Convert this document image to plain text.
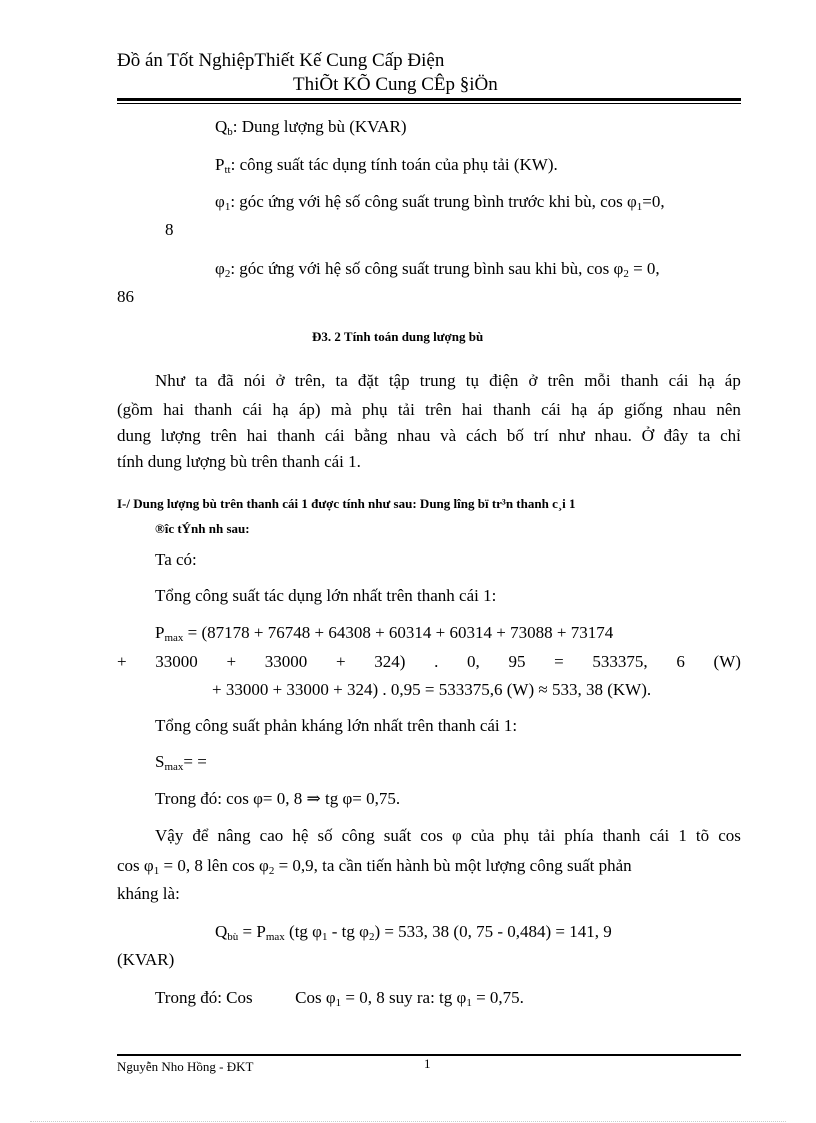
Đồ án Tốt NghiệpThiết Kế Cung Cấp Điện
ThiÕt KÕ Cung CÊp §iÖn
$Q_b$: Dung lượng bù (KVAR)
$P_{tt}$: công suất tác dụng tính toán của phụ tải (KW).
$\varphi_1$: góc ứng với hệ số công suất trung bình trước khi bù, $\cos \varphi_1=0$,
8
$\varphi_2$: góc ứng với hệ số công suất trung bình sau khi bù, $\cos \varphi_2 = 0$,
86
Đ3. 2 Tính toán dung lượng bù
Như ta đã nói ở trên, ta đặt tập trung tụ điện ở trên mỗi thanh cái hạ áp
(gồm hai thanh cái hạ áp) mà phụ tải trên hai thanh cái hạ áp giống nhau nên
dung lượng trên hai thanh cái bằng nhau và cách bố trí như nhau. Ở đây ta chỉ
tính dung lượng bù trên thanh cái 1.
I-/ Dung lượng bù trên thanh cái 1 được tính như sau: Dung lîng bï tr³n thanh c¸i 1
®îc tÝnh nh sau:
Ta có:
Tổng công suất tác dụng lớn nhất trên thanh cái 1:
$P_{max} = (87178 + 76748 + 64308 + 60314 + 60314 + 73088 + 73174$
+ 33000 + 33000 + 324) . 0, 95 = 533375, 6 (W)
+ 33000 + 33000 + 324) . 0,95 = 533375,6 (W) ≈ 533, 38 (KW).
Tổng công suất phản kháng lớn nhất trên thanh cái 1:
$S_{max}=$ =
Trong đó: cos φ= 0, 8 ⇒ tg φ= 0,75.
Vậy để nâng cao hệ số công suất cos φ của phụ tải phía thanh cái 1 tõ cos
$\cos \varphi_1 = 0$, 8 lên $\cos \varphi_2 = 0,9$, ta cần tiến hành bù một lượng công suất phản
kháng là:
$Q_{bù} = P_{max}$ (tg $\varphi_1$ - tg $\varphi_2) = 533$, 38 (0, 75 - 0,484) = 141, 9
(KVAR)
Trong đó: Cos          Cos $\varphi_1 = 0$, 8 suy ra: tg $\varphi_1 = 0,75$.
Nguyễn Nho Hồng - ĐKT	1
